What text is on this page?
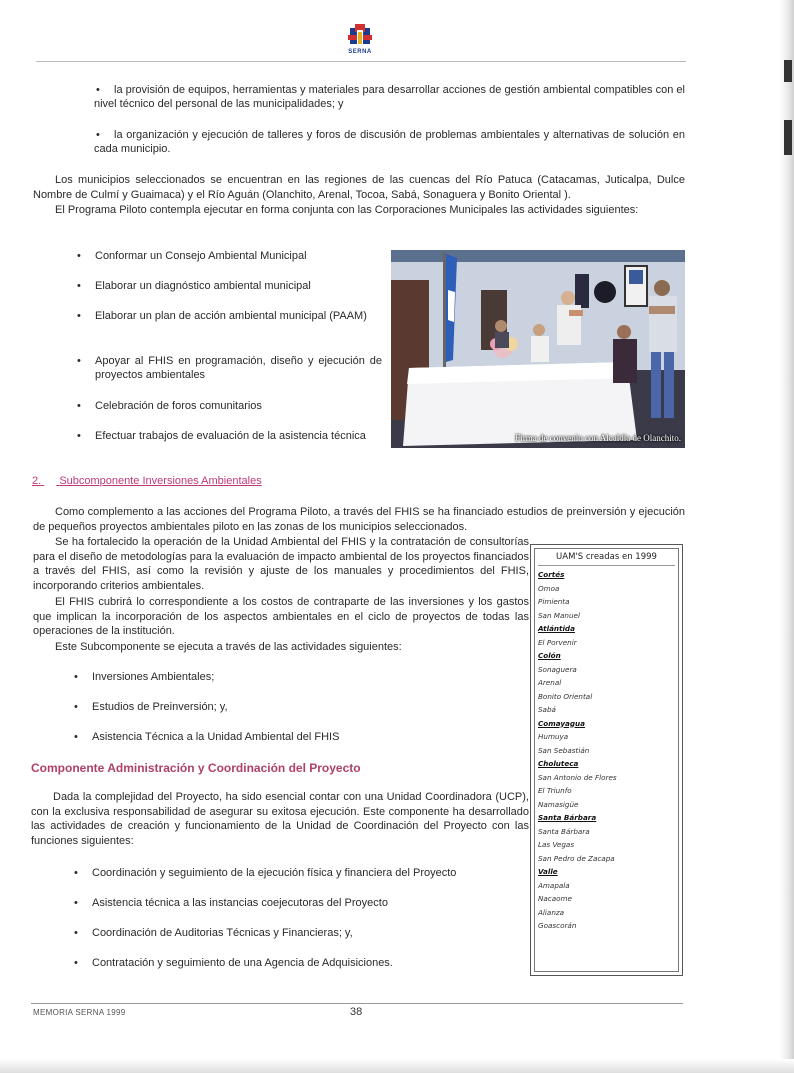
SERNA
• la provisión de equipos, herramientas y materiales para desarrollar acciones de gestión ambiental compatibles con el nivel técnico del personal de las municipalidades; y
• la organización y ejecución de talleres y foros de discusión de problemas ambientales y alternativas de solución en cada municipio.
Los municipios seleccionados se encuentran en las regiones de las cuencas del Río Patuca (Catacamas, Juticalpa, Dulce Nombre de Culmí y Guaimaca) y el Río Aguán (Olanchito, Arenal, Tocoa, Sabá, Sonaguera y Bonito Oriental ).
El Programa Piloto contempla ejecutar en forma conjunta con las Corporaciones Municipales las actividades siguientes:
• Conformar un Consejo Ambiental Municipal
• Elaborar un diagnóstico ambiental municipal
• Elaborar un plan de acción ambiental municipal (PAAM)
• Apoyar al FHIS en programación, diseño y ejecución de proyectos ambientales
• Celebración de foros comunitarios
• Efectuar trabajos de evaluación de la asistencia técnica	Firma de convenio con Alcaldía de Olanchito.
2. Subcomponente Inversiones Ambientales
Como complemento a las acciones del Programa Piloto, a través del FHIS se ha financiado estudios de preinversión y ejecución de pequeños proyectos ambientales piloto en las zonas de los municipios seleccionados.
Se ha fortalecido la operación de la Unidad Ambiental del FHIS y la contratación de consultorías para el diseño de metodologías para la evaluación de impacto ambiental de los proyectos financiados a través del FHIS, así como la revisión y ajuste de los manuales y procedimientos del FHIS, incorporando criterios ambientales.
El FHIS cubrirá lo correspondiente a los costos de contraparte de las inversiones y los gastos que implican la incorporación de los aspectos ambientales en el ciclo de proyectos de todas las operaciones de la institución.
Este Subcomponente se ejecuta a través de las actividades siguientes:
• Inversiones Ambientales;
• Estudios de Preinversión; y,
• Asistencia Técnica a la Unidad Ambiental del FHIS
Componente Administración y Coordinación del Proyecto
Dada la complejidad del Proyecto, ha sido esencial contar con una Unidad Coordinadora (UCP), con la exclusiva responsabilidad de asegurar su exitosa ejecución. Este componente ha desarrollado las actividades de creación y funcionamiento de la Unidad de Coordinación del Proyecto con las funciones siguientes:
• Coordinación y seguimiento de la ejecución física y financiera del Proyecto
• Asistencia técnica a las instancias coejecutoras del Proyecto
• Coordinación de Auditorias Técnicas y Financieras; y,
• Contratación y seguimiento de una Agencia de Adquisiciones.
UAM'S creadas en 1999
Cortés
Omoa
Pimienta
San Manuel
Atlántida
El Porvenir
Colón
Sonaguera
Arenal
Bonito Oriental
Sabá
Comayagua
Humuya
San Sebastián
Choluteca
San Antonio de Flores
El Triunfo
Namasigüe
Santa Bárbara
Santa Bárbara
Las Vegas
San Pedro de Zacapa
Valle
Amapala
Nacaome
Alianza
Goascorán
MEMORIA SERNA 1999	38
